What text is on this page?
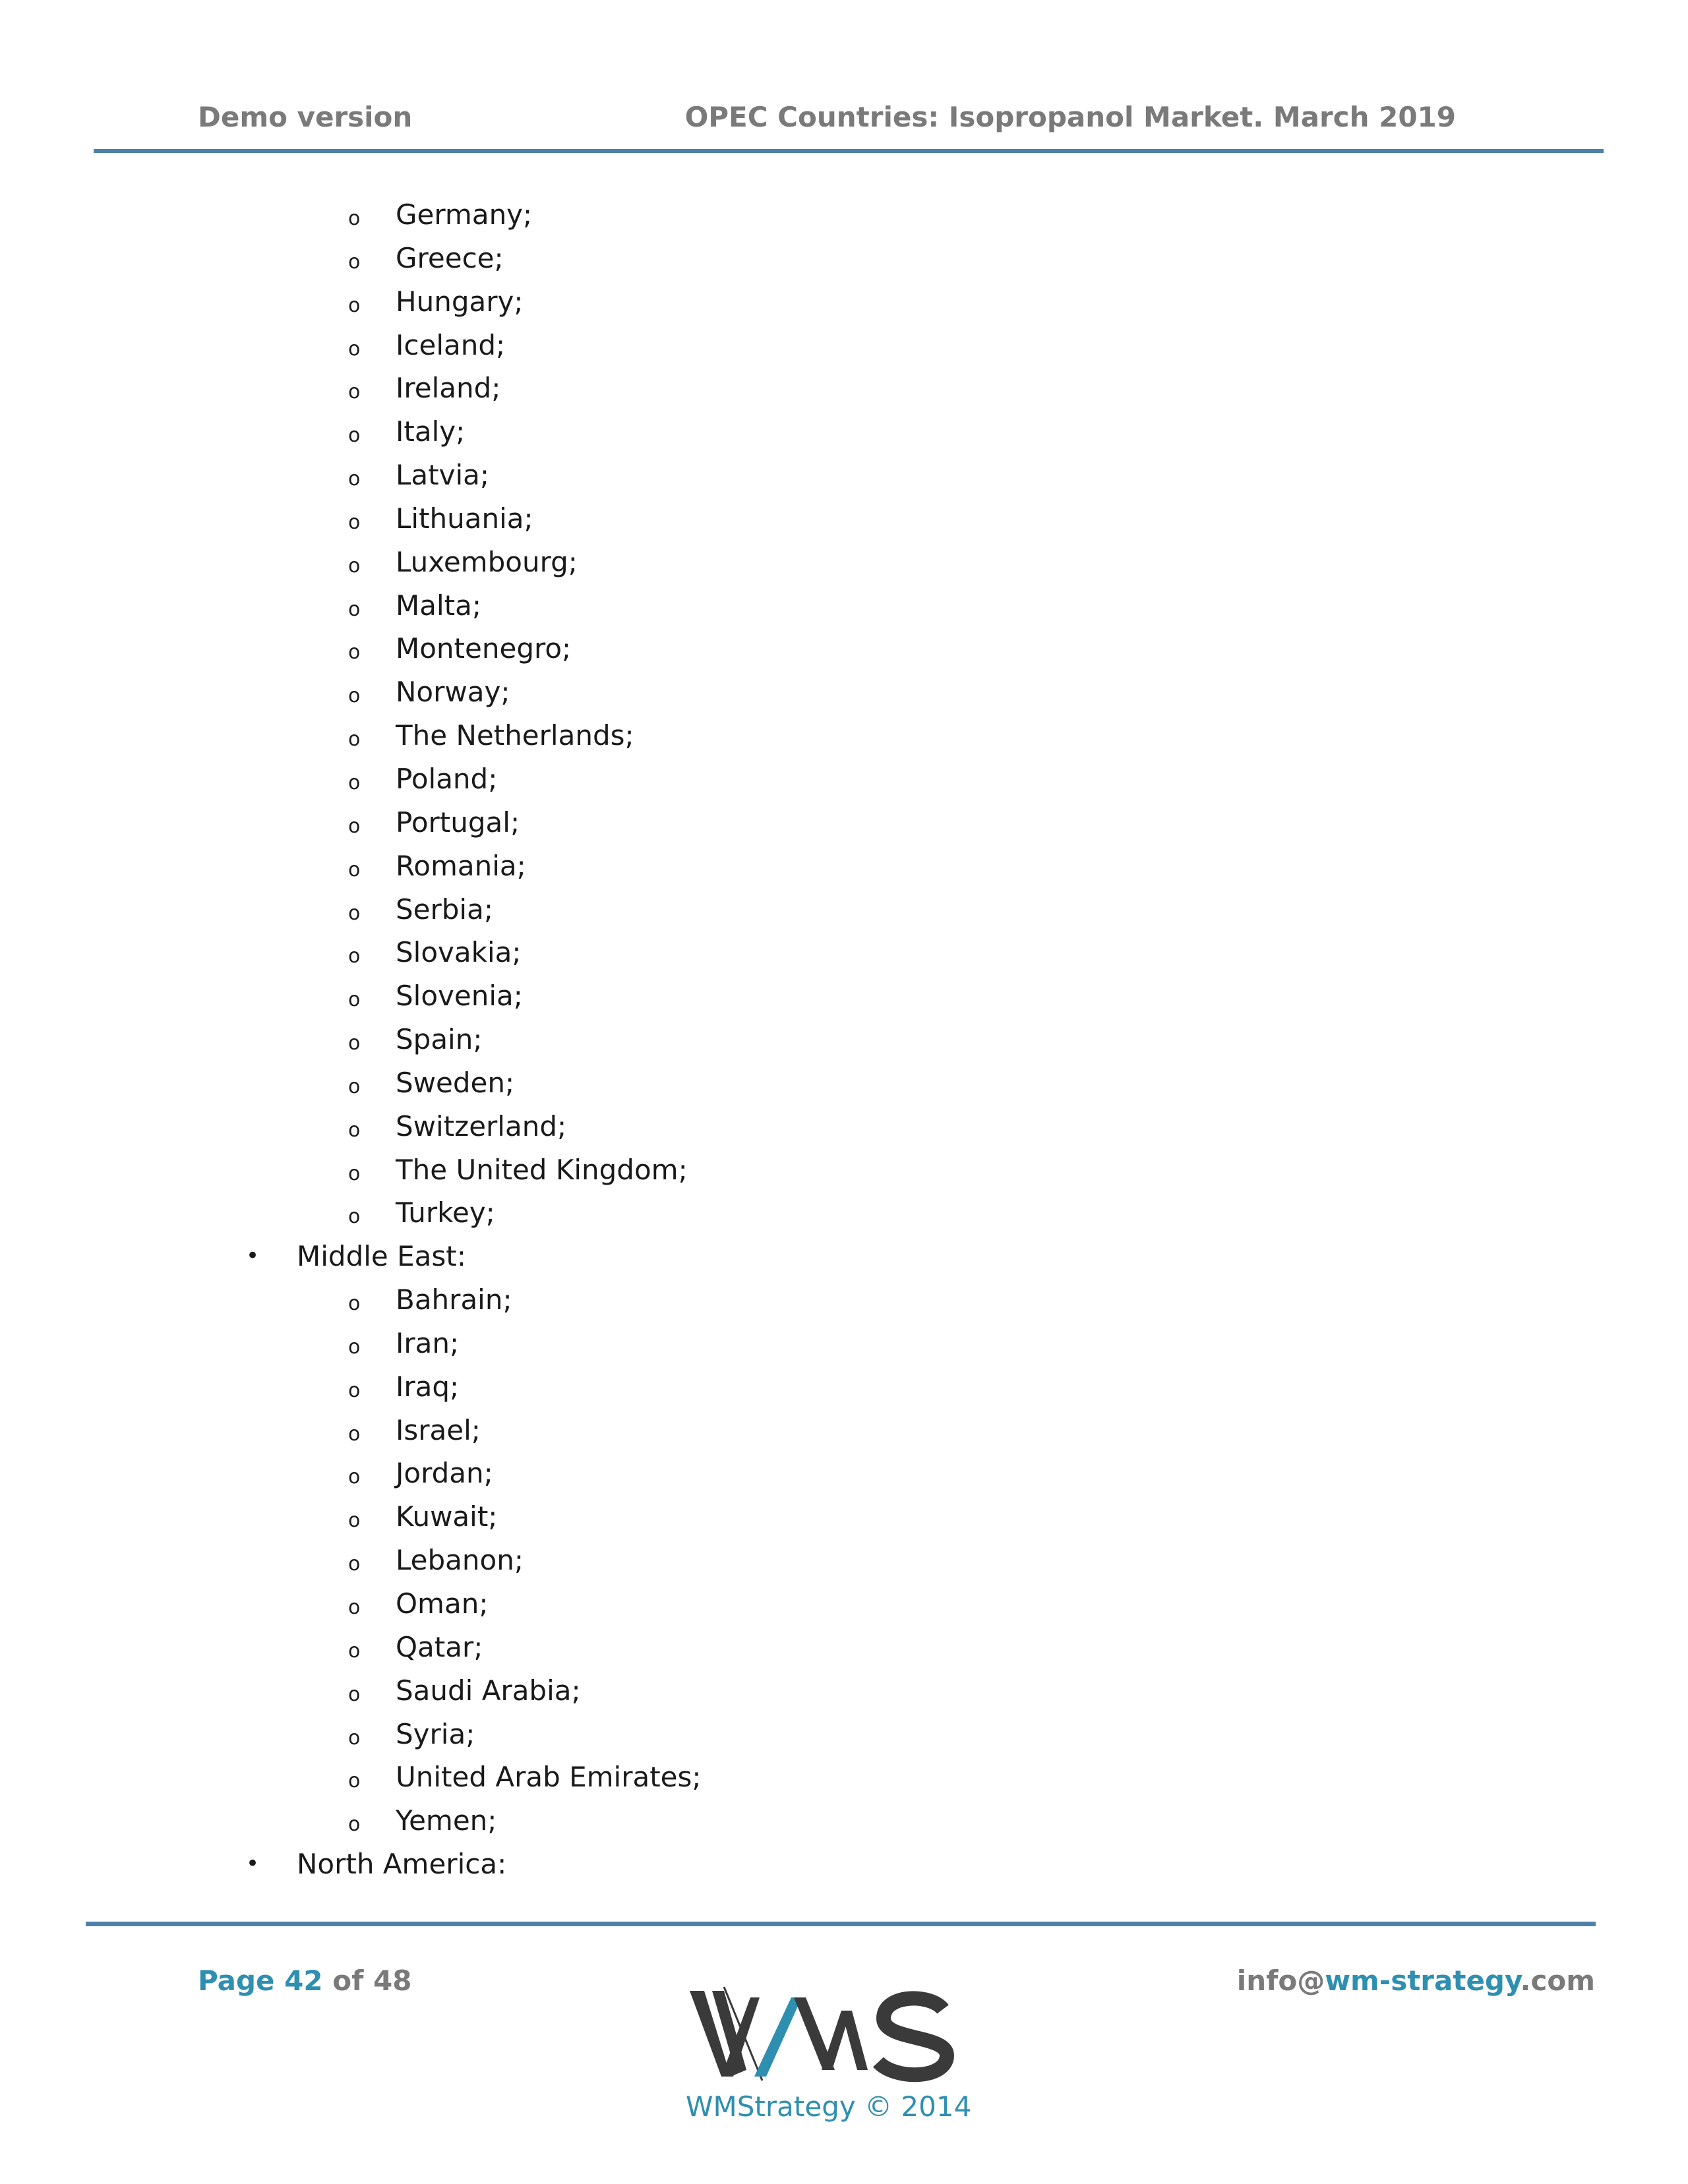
Demo version	OPEC Countries: Isopropanol Market. March 2019
o Germany;
o Greece;
o Hungary;
o Iceland;
o Ireland;
o Italy;
o Latvia;
o Lithuania;
o Luxembourg;
o Malta;
o Montenegro;
o Norway;
o The Netherlands;
o Poland;
o Portugal;
o Romania;
o Serbia;
o Slovakia;
o Slovenia;
o Spain;
o Sweden;
o Switzerland;
o The United Kingdom;
o Turkey;
• Middle East:
o Bahrain;
o Iran;
o Iraq;
o Israel;
o Jordan;
o Kuwait;
o Lebanon;
o Oman;
o Qatar;
o Saudi Arabia;
o Syria;
o United Arab Emirates;
o Yemen;
• North America:
Page 42 of 48	info@wm-strategy.com
WMStrategy © 2014
